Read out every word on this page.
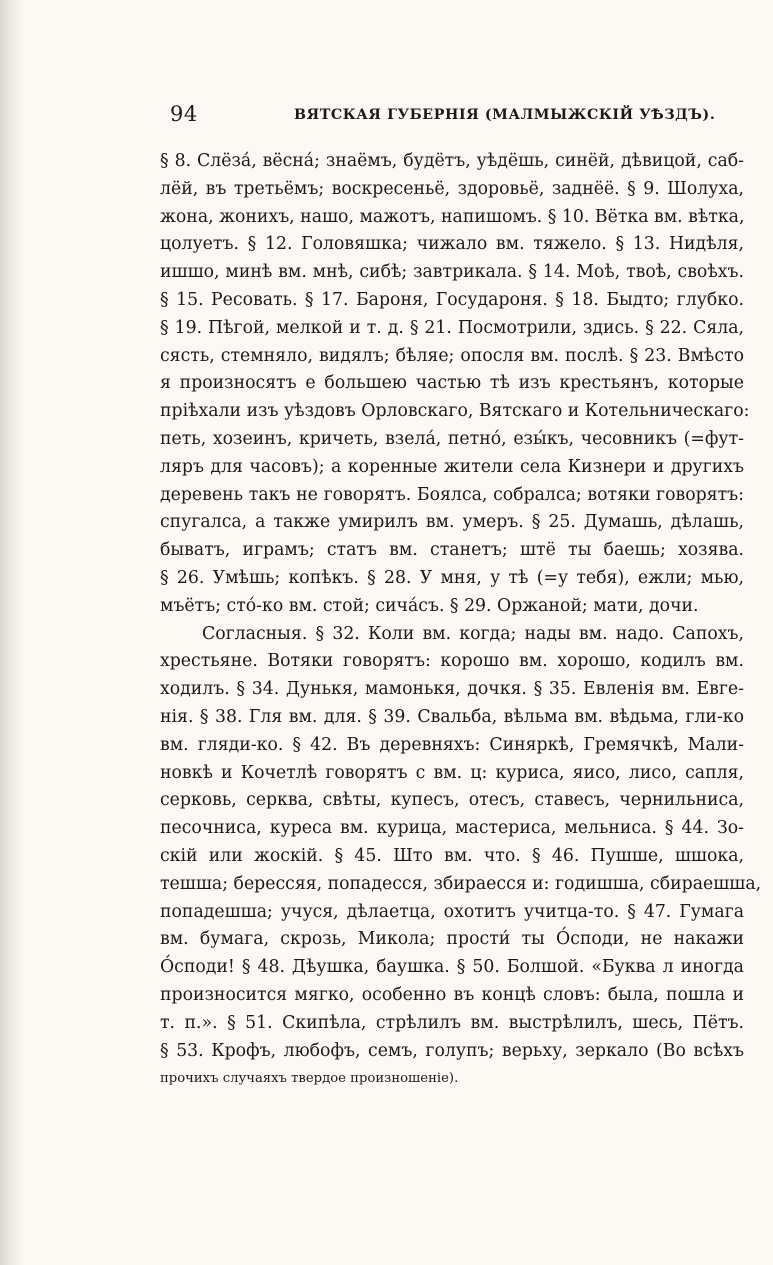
94	ВЯТСКАЯ ГУБЕРНІЯ (МАЛМЫЖСКІЙ УѢЗДЪ).
§ 8. Слёза́, вёсна́; знаёмъ, будётъ, уѣдёшь, синёй, дѣвицой, саб-
лёй, въ третьёмъ; воскресеньё, здоровьё, заднёё. § 9. Шолуха,
жона, жонихъ, нашо, мажотъ, напишомъ. § 10. Вётка вм. вѣтка,
цолуетъ. § 12. Головяшка; чижало вм. тяжело. § 13. Нидѣля,
ишшо, минѣ вм. мнѣ, сибѣ; завтрикала. § 14. Моѣ, твоѣ, своѣхъ.
§ 15. Ресовать. § 17. Бароня, Государоня. § 18. Быдто; глубко.
§ 19. Пѣгой, мелкой и т. д. § 21. Посмотрили, здись. § 22. Сяла,
сясть, стемняло, видялъ; бѣляе; опосля вм. послѣ. § 23. Вмѣсто
я произносятъ е большею частью тѣ изъ крестьянъ, которые
пріѣхали изъ уѣздовъ Орловскаго, Вятскаго и Котельническаго:
петь, хозеинъ, кричеть, взела́, петно́, езы́къ, чесовникъ (=фут-
ляръ для часовъ); а коренные жители села Кизнери и другихъ
деревень такъ не говорятъ. Боялса, собралса; вотяки говорятъ:
спугалса, а также умирилъ вм. умеръ. § 25. Думашь, дѣлашь,
быватъ, играмъ; статъ вм. станетъ; штё ты баешь; хозява.
§ 26. Умѣшь; копѣкъ. § 28. У мня, у тѣ (=у тебя), ежли; мью,
мъётъ; сто́-ко вм. стой; сича́съ. § 29. Оржаной; мати, дочи.
Согласныя. § 32. Коли вм. когда; нады вм. надо. Сапохъ,
хрестьяне. Вотяки говорятъ: корошо вм. хорошо, кодилъ вм.
ходилъ. § 34. Дунькя, мамонькя, дочкя. § 35. Евленія вм. Евге-
нія. § 38. Гля вм. для. § 39. Свальба, вѣльма вм. вѣдьма, гли-ко
вм. гляди-ко. § 42. Въ деревняхъ: Синяркѣ, Гремячкѣ, Мали-
новкѣ и Кочетлѣ говорятъ с вм. ц: куриса, яисо, лисо, сапля,
серковь, серква, свѣты, купесъ, отесъ, ставесъ, чернильниса,
песочниса, куреса вм. курица, мастериса, мельниса. § 44. Зо-
скій или жоскій. § 45. Што вм. что. § 46. Пушше, шшока,
тешша; берессяя, попадесся, збираесся и: годишша, сбираешша,
попадешша; учуся, дѣлаетца, охотитъ учитца-то. § 47. Гумага
вм. бумага, скрозь, Микола; прости́ ты О́споди, не накажи
О́споди! § 48. Дѣушка, баушка. § 50. Болшой. «Буква л иногда
произносится мягко, особенно въ концѣ словъ: была, пошла и
т. п.». § 51. Скипѣла, стрѣлилъ вм. выстрѣлилъ, шесь, Пётъ.
§ 53. Крофъ, любофъ, семъ, голупъ; верьху, зеркало (Во всѣхъ
прочихъ случаяхъ твердое произношеніе).
